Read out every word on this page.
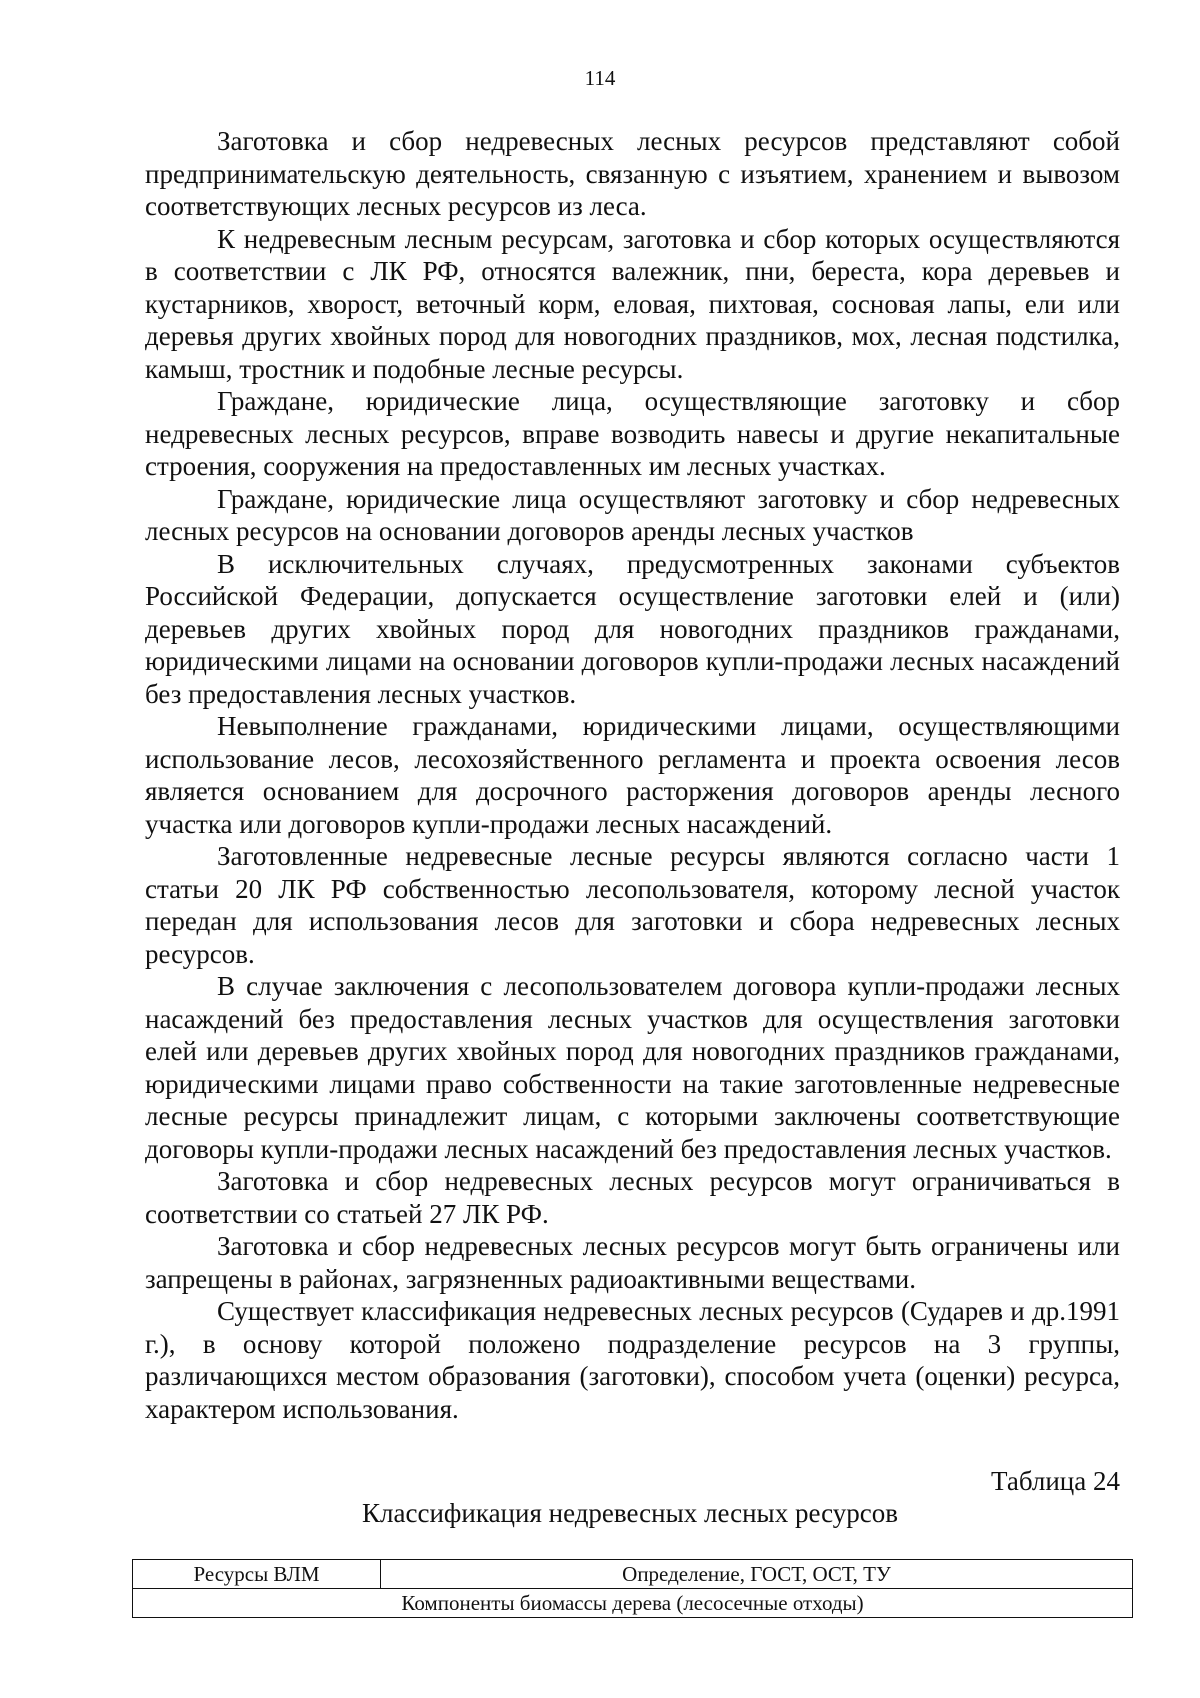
114

Заготовка и сбор недревесных лесных ресурсов представляют собой предпринимательскую деятельность, связанную с изъятием, хранением и вывозом соответствующих лесных ресурсов из леса.

К недревесным лесным ресурсам, заготовка и сбор которых осуществляются в соответствии с ЛК РФ, относятся валежник, пни, береста, кора деревьев и кустарников, хворост, веточный корм, еловая, пихтовая, сосновая лапы, ели или деревья других хвойных пород для новогодних праздников, мох, лесная подстилка, камыш, тростник и подобные лесные ресурсы.

Граждане, юридические лица, осуществляющие заготовку и сбор недревесных лесных ресурсов, вправе возводить навесы и другие некапитальные строения, сооружения на предоставленных им лесных участках.

Граждане, юридические лица осуществляют заготовку и сбор недревесных лесных ресурсов на основании договоров аренды лесных участков

В исключительных случаях, предусмотренных законами субъектов Российской Федерации, допускается осуществление заготовки елей и (или) деревьев других хвойных пород для новогодних праздников гражданами, юридическими лицами на основании договоров купли-продажи лесных насаждений без предоставления лесных участков.

Невыполнение гражданами, юридическими лицами, осуществляющими использование лесов, лесохозяйственного регламента и проекта освоения лесов является основанием для досрочного расторжения договоров аренды лесного участка или договоров купли-продажи лесных насаждений.

Заготовленные недревесные лесные ресурсы являются согласно части 1 статьи 20 ЛК РФ собственностью лесопользователя, которому лесной участок передан для использования лесов для заготовки и сбора недревесных лесных ресурсов.

В случае заключения с лесопользователем договора купли-продажи лесных насаждений без предоставления лесных участков для осуществления заготовки елей или деревьев других хвойных пород для новогодних праздников гражданами, юридическими лицами право собственности на такие заготовленные недревесные лесные ресурсы принадлежит лицам, с которыми заключены соответствующие договоры купли-продажи лесных насаждений без предоставления лесных участков.

Заготовка и сбор недревесных лесных ресурсов могут ограничиваться в соответствии со статьей 27 ЛК РФ.

Заготовка и сбор недревесных лесных ресурсов могут быть ограничены или запрещены в районах, загрязненных радиоактивными веществами.

Существует классификация недревесных лесных ресурсов (Сударев и др.1991 г.), в основу которой положено подразделение ресурсов на 3 группы, различающихся местом образования (заготовки), способом учета (оценки) ресурса, характером использования.

Таблица 24
Классификация недревесных лесных ресурсов
Ресурсы ВЛМ	Определение, ГОСТ, ОСТ, ТУ
Компоненты биомассы дерева (лесосечные отходы)
